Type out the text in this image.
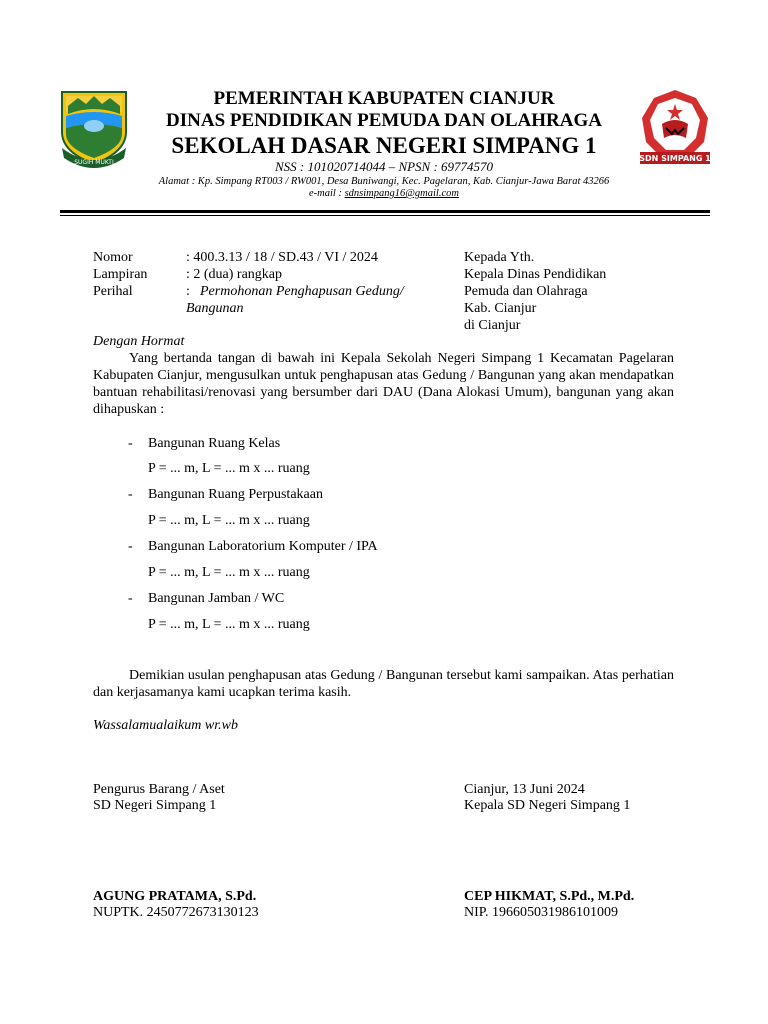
SUGIH MUKTI	SDN SIMPANG 1
PEMERINTAH KABUPATEN CIANJUR
DINAS PENDIDIKAN PEMUDA DAN OLAHRAGA
SEKOLAH DASAR NEGERI SIMPANG 1
NSS : 101020714044 – NPSN : 69774570
Alamat : Kp. Simpang RT003 / RW001, Desa Buniwangi, Kec. Pagelaran, Kab. Cianjur-Jawa Barat 43266
e-mail : sdnsimpang16@gmail.com
Nomor	: 400.3.13 / 18 / SD.43 / VI / 2024
Lampiran	: 2 (dua) rangkap
Perihal	: Permohonan Penghapusan Gedung/
Bangunan
Kepada Yth.
Kepala Dinas Pendidikan
Pemuda dan Olahraga
Kab. Cianjur
di Cianjur
Dengan Hormat
Yang bertanda tangan di bawah ini Kepala Sekolah Negeri Simpang 1 Kecamatan Pagelaran Kabupaten Cianjur, mengusulkan untuk penghapusan atas Gedung / Bangunan yang akan mendapatkan bantuan rehabilitasi/renovasi yang bersumber dari DAU (Dana Alokasi Umum), bangunan yang akan dihapuskan :
- Bangunan Ruang Kelas
P = ... m, L = ... m x ... ruang
- Bangunan Ruang Perpustakaan
P = ... m, L = ... m x ... ruang
- Bangunan Laboratorium Komputer / IPA
P = ... m, L = ... m x ... ruang
- Bangunan Jamban / WC
P = ... m, L = ... m x ... ruang
Demikian usulan penghapusan atas Gedung / Bangunan tersebut kami sampaikan. Atas perhatian dan kerjasamanya kami ucapkan terima kasih.
Wassalamualaikum wr.wb
Pengurus Barang / Aset
SD Negeri Simpang 1
AGUNG PRATAMA, S.Pd.
NUPTK. 2450772673130123
Cianjur, 13 Juni 2024
Kepala SD Negeri Simpang 1
CEP HIKMAT, S.Pd., M.Pd.
NIP. 196605031986101009
